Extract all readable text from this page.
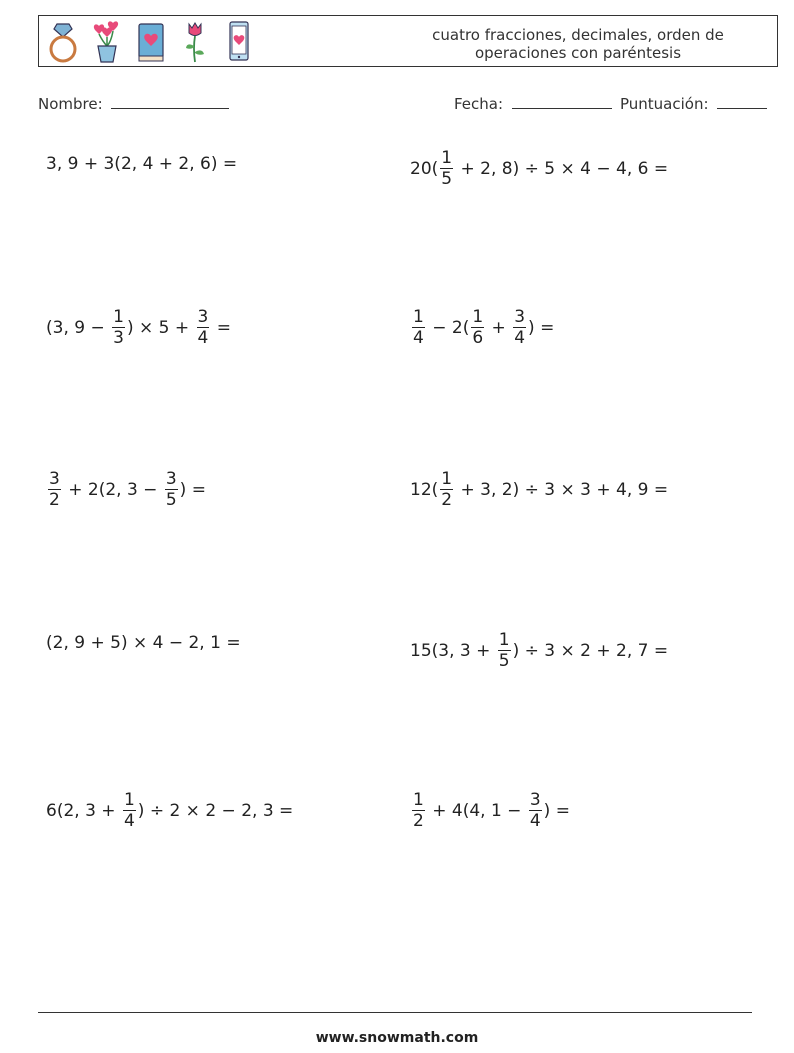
cuatro fracciones, decimales, orden de
operaciones con paréntesis
Nombre:	Fecha:	Puntuación:
3, 9 + 3(2, 4 + 2, 6) =	$20( \frac{1}{5} + 2$, 8) ÷ 5 × 4 − 4, 6 =
(3, $9 - \frac{1}{3}$ ) × $5 + \frac{3}{4}$ =	$\frac{1}{4} - 2( \frac{1}{6} + \frac{3}{4}$ ) =
$\frac{3}{2} + 2(2$, $3 - \frac{3}{5}$ ) =	$12( \frac{1}{2} + 3$, 2) ÷ 3 × 3 + 4, 9 =
(2, 9 + 5) × 4 − 2, 1 =	15(3, $3 + \frac{1}{5}$ ) ÷ 3 × 2 + 2, 7 =
6(2, $3 + \frac{1}{4}$ ) ÷ 2 × 2 − 2, 3 =	$\frac{1}{2} + 4(4$, $1 - \frac{3}{4}$ ) =
www.snowmath.com
